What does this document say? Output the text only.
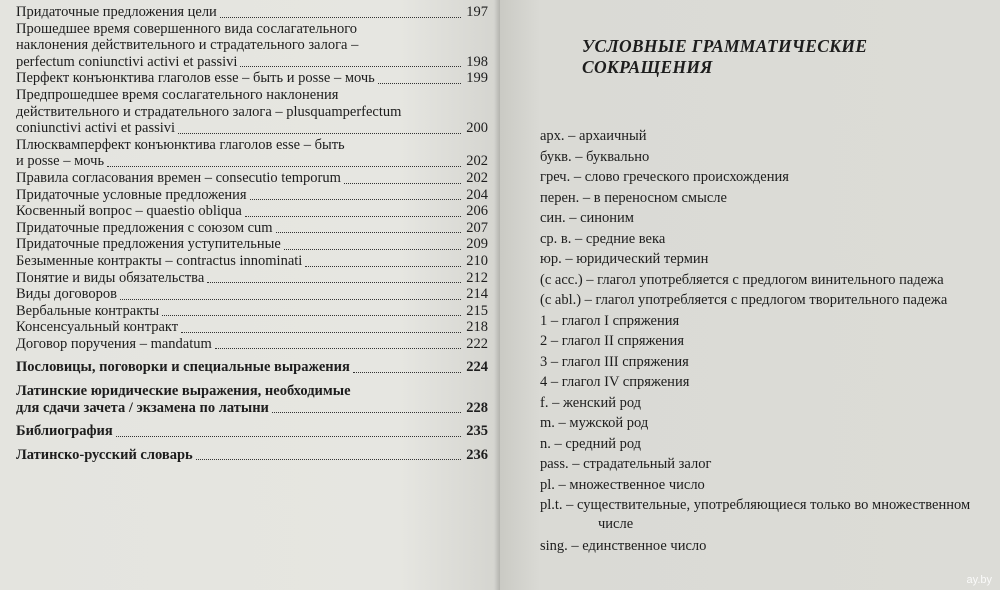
Придаточные предложения цели	197
Прошедшее время совершенного вида сослагательного
наклонения действительного и страдательного залога –
perfectum coniunctivi activi et passivi	198
Перфект конъюнктива глаголов esse – быть и posse – мочь	199
Предпрошедшее время сослагательного наклонения
действительного и страдательного залога – plusquamperfectum
coniunctivi activi et passivi	200
Плюсквамперфект конъюнктива глаголов esse – быть
и posse – мочь	202
Правила согласования времен – consecutio temporum	202
Придаточные условные предложения	204
Косвенный вопрос – quaestio obliqua	206
Придаточные предложения с союзом cum	207
Придаточные предложения уступительные	209
Безыменные контракты – contractus innominati	210
Понятие и виды обязательства	212
Виды договоров	214
Вербальные контракты	215
Консенсуальный контракт	218
Договор поручения – mandatum	222
Пословицы, поговорки и специальные выражения	224
Латинские юридические выражения, необходимые
для сдачи зачета / экзамена по латыни	228
Библиография	235
Латинско-русский словарь	236
УСЛОВНЫЕ ГРАММАТИЧЕСКИЕ СОКРАЩЕНИЯ

арх. – архаичный

букв. – буквально

греч. – слово греческого происхождения

перен. – в переносном смысле

син. – синоним

ср. в. – средние века

юр. – юридический термин

(c acc.) – глагол употребляется с предлогом винительного падежа

(c abl.) – глагол употребляется с предлогом творительного падежа

1 – глагол I спряжения

2 – глагол II спряжения

3 – глагол III спряжения

4 – глагол IV спряжения

f. – женский род

m. – мужской род

n. – средний род

pass. – страдательный залог

pl. – множественное число

pl.t. – существительные, употребляющиеся только во множественном

числе

sing. – единственное число

ay.by
